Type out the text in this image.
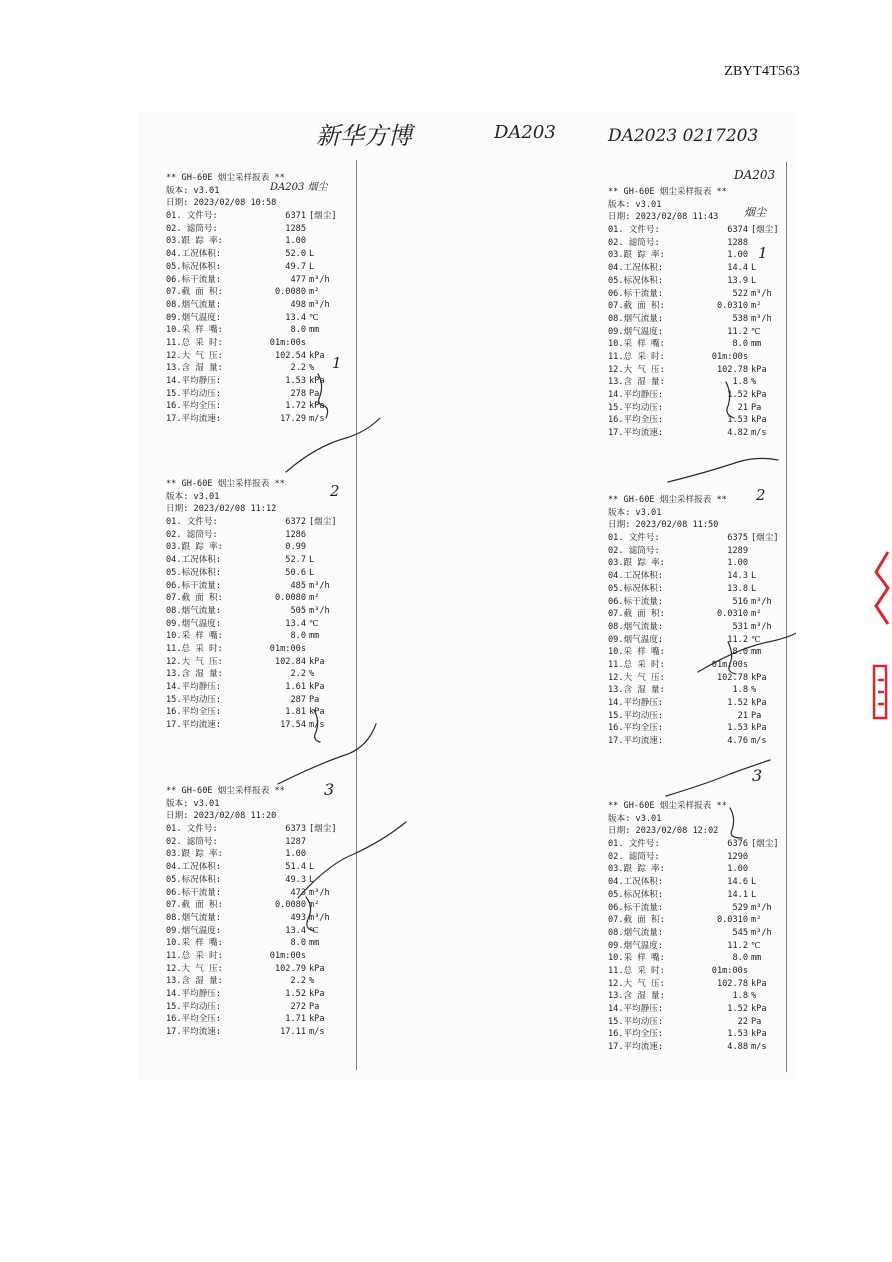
ZBYT4T563
新华方博	DA203	DA2023 0217203
DA203 烟尘
DA203
烟尘
1
2
3
1
2
3
** GH-60E 烟尘采样报表 **
版本: v3.01
日期: 2023/02/08 10:58
01. 文件号:	6371 [烟尘]
02. 滤筒号:	1285
03.跟 踪 率:	1.00
04.工况体积:	52.0 L
05.标况体积:	49.7 L
06.标干流量:	477 m³/h
07.截 面 积:	0.0080 m²
08.烟气流量:	498 m³/h
09.烟气温度:	13.4 ℃
10.采 样 嘴:	8.0 mm
11.总 采 时:	01m:00s
12.大 气 压:	102.54 kPa
13.含 湿 量:	2.2 %
14.平均静压:	1.53 kPa
15.平均动压:	278 Pa
16.平均全压:	1.72 kPa
17.平均流速:	17.29 m/s
** GH-60E 烟尘采样报表 **
版本: v3.01
日期: 2023/02/08 11:12
01. 文件号:	6372 [烟尘]
02. 滤筒号:	1286
03.跟 踪 率:	0.99
04.工况体积:	52.7 L
05.标况体积:	50.6 L
06.标干流量:	485 m³/h
07.截 面 积:	0.0080 m²
08.烟气流量:	505 m³/h
09.烟气温度:	13.4 ℃
10.采 样 嘴:	8.0 mm
11.总 采 时:	01m:00s
12.大 气 压:	102.84 kPa
13.含 湿 量:	2.2 %
14.平均静压:	1.61 kPa
15.平均动压:	287 Pa
16.平均全压:	1.81 kPa
17.平均流速:	17.54 m/s
** GH-60E 烟尘采样报表 **
版本: v3.01
日期: 2023/02/08 11:20
01. 文件号:	6373 [烟尘]
02. 滤筒号:	1287
03.跟 踪 率:	1.00
04.工况体积:	51.4 L
05.标况体积:	49.3 L
06.标干流量:	473 m³/h
07.截 面 积:	0.0080 m²
08.烟气流量:	493 m³/h
09.烟气温度:	13.4 ℃
10.采 样 嘴:	8.0 mm
11.总 采 时:	01m:00s
12.大 气 压:	102.79 kPa
13.含 湿 量:	2.2 %
14.平均静压:	1.52 kPa
15.平均动压:	272 Pa
16.平均全压:	1.71 kPa
17.平均流速:	17.11 m/s
** GH-60E 烟尘采样报表 **
版本: v3.01
日期: 2023/02/08 11:43
01. 文件号:	6374 [烟尘]
02. 滤筒号:	1288
03.跟 踪 率:	1.00
04.工况体积:	14.4 L
05.标况体积:	13.9 L
06.标干流量:	522 m³/h
07.截 面 积:	0.0310 m²
08.烟气流量:	538 m³/h
09.烟气温度:	11.2 ℃
10.采 样 嘴:	8.0 mm
11.总 采 时:	01m:00s
12.大 气 压:	102.78 kPa
13.含 湿 量:	1.8 %
14.平均静压:	1.52 kPa
15.平均动压:	21 Pa
16.平均全压:	1.53 kPa
17.平均流速:	4.82 m/s
** GH-60E 烟尘采样报表 **
版本: v3.01
日期: 2023/02/08 11:50
01. 文件号:	6375 [烟尘]
02. 滤筒号:	1289
03.跟 踪 率:	1.00
04.工况体积:	14.3 L
05.标况体积:	13.8 L
06.标干流量:	516 m³/h
07.截 面 积:	0.0310 m²
08.烟气流量:	531 m³/h
09.烟气温度:	11.2 ℃
10.采 样 嘴:	8.0 mm
11.总 采 时:	01m:00s
12.大 气 压:	102.78 kPa
13.含 湿 量:	1.8 %
14.平均静压:	1.52 kPa
15.平均动压:	21 Pa
16.平均全压:	1.53 kPa
17.平均流速:	4.76 m/s
** GH-60E 烟尘采样报表 **
版本: v3.01
日期: 2023/02/08 12:02
01. 文件号:	6376 [烟尘]
02. 滤筒号:	1290
03.跟 踪 率:	1.00
04.工况体积:	14.6 L
05.标况体积:	14.1 L
06.标干流量:	529 m³/h
07.截 面 积:	0.0310 m²
08.烟气流量:	545 m³/h
09.烟气温度:	11.2 ℃
10.采 样 嘴:	8.0 mm
11.总 采 时:	01m:00s
12.大 气 压:	102.78 kPa
13.含 湿 量:	1.8 %
14.平均静压:	1.52 kPa
15.平均动压:	22 Pa
16.平均全压:	1.53 kPa
17.平均流速:	4.88 m/s
